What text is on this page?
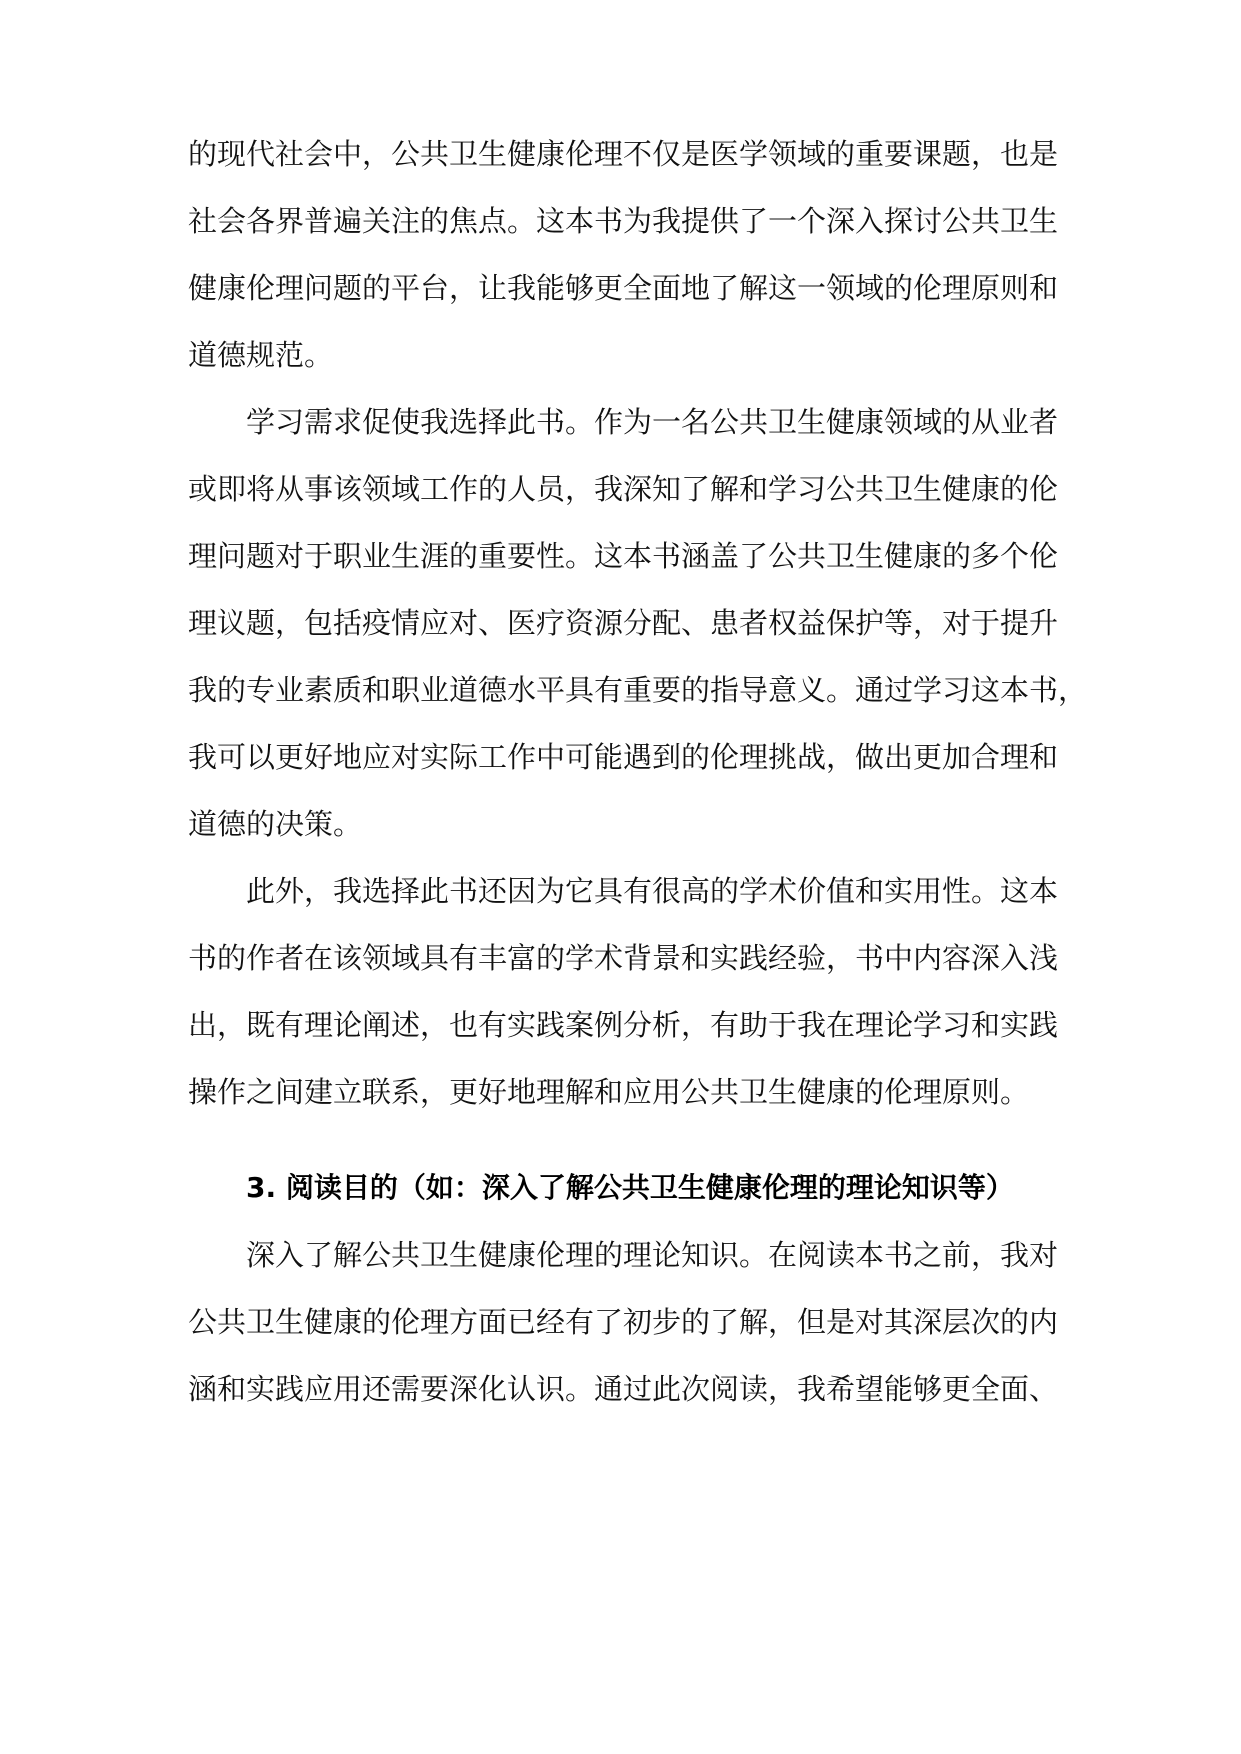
的现代社会中，公共卫生健康伦理不仅是医学领域的重要课题，也是
社会各界普遍关注的焦点。这本书为我提供了一个深入探讨公共卫生
健康伦理问题的平台，让我能够更全面地了解这一领域的伦理原则和
道德规范。
学习需求促使我选择此书。作为一名公共卫生健康领域的从业者
或即将从事该领域工作的人员，我深知了解和学习公共卫生健康的伦
理问题对于职业生涯的重要性。这本书涵盖了公共卫生健康的多个伦
理议题，包括疫情应对、医疗资源分配、患者权益保护等，对于提升
我的专业素质和职业道德水平具有重要的指导意义。通过学习这本书，
我可以更好地应对实际工作中可能遇到的伦理挑战，做出更加合理和
道德的决策。
此外，我选择此书还因为它具有很高的学术价值和实用性。这本
书的作者在该领域具有丰富的学术背景和实践经验，书中内容深入浅
出，既有理论阐述，也有实践案例分析，有助于我在理论学习和实践
操作之间建立联系，更好地理解和应用公共卫生健康的伦理原则。
3. 阅读目的（如：深入了解公共卫生健康伦理的理论知识等）
深入了解公共卫生健康伦理的理论知识。在阅读本书之前，我对
公共卫生健康的伦理方面已经有了初步的了解，但是对其深层次的内
涵和实践应用还需要深化认识。通过此次阅读，我希望能够更全面、
